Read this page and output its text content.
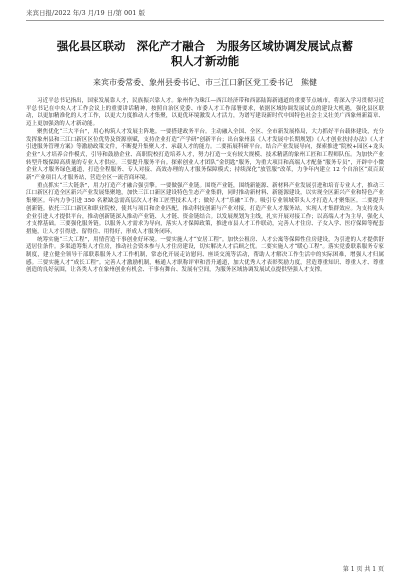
来宾日报/2022 年/3 月/19 日/第 001 版
强化县区联动　深化产才融合　为服务区域协调发展试点蓄
积人才新动能
来宾市委常委、象州县委书记、市三江口新区党工委书记　熊健

习近平总书记指出，国家发展靠人才，民族振兴靠人才。象州作为珠江—西江经济带和西部陆海新通道的重要节点城市，将深入学习贯彻习近平总书记在中央人才工作会议上的重要讲话精神，按照自治区党委、市委人才工作部署要求，依据区域协调发展试点的建设大机遇，强化县区联动，以更加精准化的人才工作，以更大力度推动人才集聚，以更优环境激发人才活力，为谱写建设新时代中国特色社会主义壮美广西象州新篇章、迈上更加强劲的人才新动能。

聚焦优化“三大平台”，用心构筑人才发展主阵地。一要搭建政务平台。主动融入全国、全区、全市新发展格局，大力抓好平台载体建设，充分发挥象州县和三江口新区区位优势及资源禀赋，支持企业打造“产学研”创新平台；出台象州县《人才发展中长期规划》《人才创业扶持办法》《人才引进服务管理方案》等激励政策文件，不断提升集聚人才、承载人才的能力。二要拓展科研平台。结合产业发展导向，探索推进“院校+园区+龙头企业”人才培养合作模式，引导和鼓励企业、高职院校打造培养人才，努力打造一支有较大规模、技术精湛的象州工匠和工程师队伍。为加快产业转型升级保障高质量的专业人才供应。三要提升服务平台。探索创业人才团队“金钥匙”服务，为重大项目和高端人才配备“服务专员”，开辟中小微企业人才服务绿色通道，打造全程服务、专人对接、高效办理的人才服务保障模式；持续深化“放管服”改革，力争年内建立 12 个自治区“双百双新”产业项目人才服务站，营造全区一流营商环境。

重点抓实“三大链条”，用力打造产才融合强引擎。一要做强产业链。围绕产业链，围绕新能源、新材料产业发展引进和培育专业人才，推动三江口新区打造全区新兴产业发展集聚地，加快三江口新区建设特色生态产业集群，同时推动新材料、新能源建设，以实现全区新兴产业和特色产业集聚区。年内力争引进 350 名紧缺急需高层次人才和工匠型技术人才；做好人才“乐融”工作。吸引专业领域带头人才打造人才聚集区。二要提升创新链。依托三江口新区和职业院校，使其与项目和企业匹配，推动科技创新与产业对接，打造产业人才服务站，实现人才集群效应。为支持龙头企业引进人才提供平台，推动创新链深入推动产业链、人才链、资金链结合。以发展规划为主线，扎实开展对接工作；以高端人才为主导，强化人才支撑基础。三要强化服务链。以服务人才需求为导向，落实人才保障政策，推进市县人才工作联动，完善人才住房、子女入学、医疗保障等配套措施，让人才引得进、留得住、用得好，形成人才服务闭环。

统筹实施“三大工程”，用情营造干事创业好环境。一要实施人才“安居工程”。加快公租房、人才公寓等保障性住房建设，为引进的人才提供舒适居住条件。多渠道筹集人才住房，推动社会资本参与人才住房建设，切实解决人才后顾之忧。二要实施人才“暖心工程”。落实党委联系服务专家制度，建立健全领导干部联系服务人才工作机制，常态化开展走访慰问、座谈交流等活动，帮助人才解决工作生活中的实际困难，增强人才归属感。三要实施人才“成长工程”。完善人才激励机制，畅通人才职称评审和晋升通道，加大优秀人才表彰奖励力度，营造尊重知识、尊重人才、尊重创造的良好氛围，让各类人才在象州创业有机会、干事有舞台、发展有空间，为服务区域协调发展试点提供坚强人才支撑。

第 1 页 共 1 页
